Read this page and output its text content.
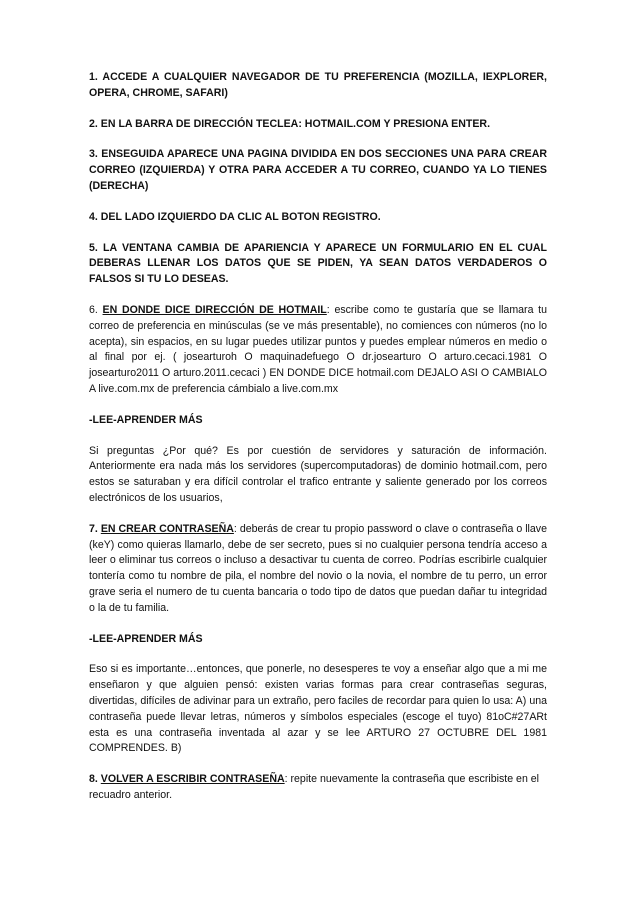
1. ACCEDE A CUALQUIER NAVEGADOR DE TU PREFERENCIA (MOZILLA, IEXPLORER, OPERA, CHROME, SAFARI)

2. EN LA BARRA DE DIRECCIÓN TECLEA: HOTMAIL.COM Y PRESIONA ENTER.

3. ENSEGUIDA APARECE UNA PAGINA DIVIDIDA EN DOS SECCIONES UNA PARA CREAR CORREO (IZQUIERDA) Y OTRA PARA ACCEDER A TU CORREO, CUANDO YA LO TIENES (DERECHA)

4. DEL LADO IZQUIERDO DA CLIC AL BOTON REGISTRO.

5. LA VENTANA CAMBIA DE APARIENCIA Y APARECE UN FORMULARIO EN EL CUAL DEBERAS LLENAR LOS DATOS QUE SE PIDEN, YA SEAN DATOS VERDADEROS O FALSOS SI TU LO DESEAS.

6. EN DONDE DICE DIRECCIÓN DE HOTMAIL: escribe como te gustaría que se llamara tu correo de preferencia en minúsculas (se ve más presentable), no comiences con números (no lo acepta), sin espacios, en su lugar puedes utilizar puntos y puedes emplear números en medio o al final por ej. ( josearturoh O maquinadefuego O dr.josearturo O arturo.cecaci.1981 O josearturo2011 O arturo.2011.cecaci ) EN DONDE DICE hotmail.com DEJALO ASI O CAMBIALO A live.com.mx de preferencia cámbialo a live.com.mx

-LEE-APRENDER MÁS

Si preguntas ¿Por qué? Es por cuestión de servidores y saturación de información. Anteriormente era nada más los servidores (supercomputadoras) de dominio hotmail.com, pero estos se saturaban y era difícil controlar el trafico entrante y saliente generado por los correos electrónicos de los usuarios,

7. EN CREAR CONTRASEÑA: deberás de crear tu propio password o clave o contraseña o llave (keY) como quieras llamarlo, debe de ser secreto, pues si no cualquier persona tendría acceso a leer o eliminar tus correos o incluso a desactivar tu cuenta de correo. Podrías escribirle cualquier tontería como tu nombre de pila, el nombre del novio o la novia, el nombre de tu perro, un error grave seria el numero de tu cuenta bancaria o todo tipo de datos que puedan dañar tu integridad o la de tu familia.

-LEE-APRENDER MÁS

Eso si es importante…entonces, que ponerle, no desesperes te voy a enseñar algo que a mi me enseñaron y que alguien pensó: existen varias formas para crear contraseñas seguras, divertidas, difíciles de adivinar para un extraño, pero faciles de recordar para quien lo usa: A) una contraseña puede llevar letras, números y símbolos especiales (escoge el tuyo) 81oC#27ARt esta es una contraseña inventada al azar y se lee ARTURO 27 OCTUBRE DEL 1981 COMPRENDES. B)

8. VOLVER A ESCRIBIR CONTRASEÑA: repite nuevamente la contraseña que escribiste en el recuadro anterior.
